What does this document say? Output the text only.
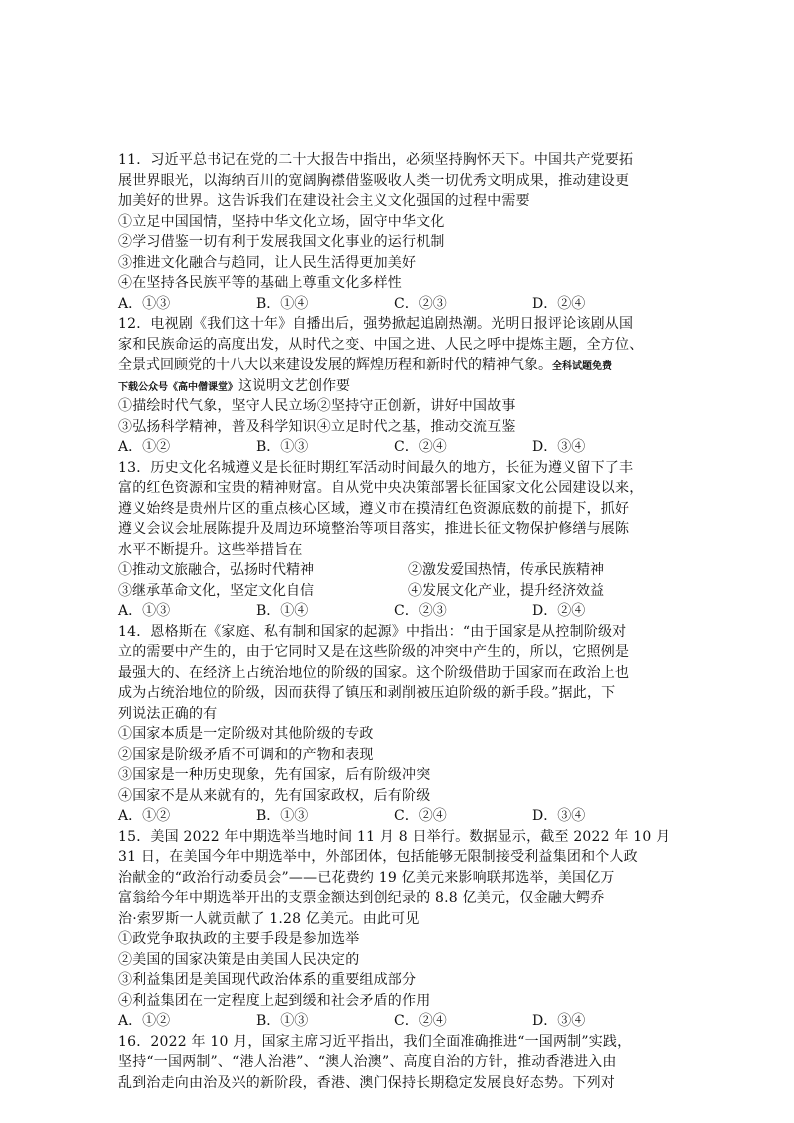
11．习近平总书记在党的二十大报告中指出，必须坚持胸怀天下。中国共产党要拓
展世界眼光，以海纳百川的宽阔胸襟借鉴吸收人类一切优秀文明成果，推动建设更
加美好的世界。这告诉我们在建设社会主义文化强国的过程中需要
①立足中国国情，坚持中华文化立场，固守中华文化
②学习借鉴一切有利于发展我国文化事业的运行机制
③推进文化融合与趋同，让人民生活得更加美好
④在坚持各民族平等的基础上尊重文化多样性
A．①③	B．①④	C．②③	D．②④
12．电视剧《我们这十年》自播出后，强势掀起追剧热潮。光明日报评论该剧从国
家和民族命运的高度出发，从时代之变、中国之进、人民之呼中提炼主题，全方位、
全景式回顾党的十八大以来建设发展的辉煌历程和新时代的精神气象。全科试题免费
下载公众号《高中僧课堂》这说明文艺创作要
①描绘时代气象，坚守人民立场②坚持守正创新，讲好中国故事
③弘扬科学精神，普及科学知识④立足时代之基，推动交流互鉴
A．①②	B．①③	C．②④	D．③④
13．历史文化名城遵义是长征时期红军活动时间最久的地方，长征为遵义留下了丰
富的红色资源和宝贵的精神财富。自从党中央决策部署长征国家文化公园建设以来，
遵义始终是贵州片区的重点核心区域，遵义市在摸清红色资源底数的前提下，抓好
遵义会议会址展陈提升及周边环境整治等项目落实，推进长征文物保护修缮与展陈
水平不断提升。这些举措旨在
①推动文旅融合，弘扬时代精神	②激发爱国热情，传承民族精神
③继承革命文化，坚定文化自信	④发展文化产业，提升经济效益
A．①③	B．①④	C．②③	D．②④
14．恩格斯在《家庭、私有制和国家的起源》中指出：“由于国家是从控制阶级对
立的需要中产生的，由于它同时又是在这些阶级的冲突中产生的，所以，它照例是
最强大的、在经济上占统治地位的阶级的国家。这个阶级借助于国家而在政治上也
成为占统治地位的阶级，因而获得了镇压和剥削被压迫阶级的新手段。”据此，下
列说法正确的有
①国家本质是一定阶级对其他阶级的专政
②国家是阶级矛盾不可调和的产物和表现
③国家是一种历史现象，先有国家，后有阶级冲突
④国家不是从来就有的，先有国家政权，后有阶级
A．①②	B．①③	C．②④	D．③④
15．美国 2022 年中期选举当地时间 11 月 8 日举行。数据显示，截至 2022 年 10 月
31 日，在美国今年中期选举中，外部团体，包括能够无限制接受利益集团和个人政
治献金的“政治行动委员会”——已花费约 19 亿美元来影响联邦选举，美国亿万
富翁给今年中期选举开出的支票金额达到创纪录的 8.8 亿美元，仅金融大鳄乔
治·索罗斯一人就贡献了 1.28 亿美元。由此可见
①政党争取执政的主要手段是参加选举
②美国的国家决策是由美国人民决定的
③利益集团是美国现代政治体系的重要组成部分
④利益集团在一定程度上起到缓和社会矛盾的作用
A．①②	B．①③	C．②④	D．③④
16．2022 年 10 月，国家主席习近平指出，我们全面准确推进“一国两制”实践，
坚持“一国两制”、“港人治港”、“澳人治澳”、高度自治的方针，推动香港进入由
乱到治走向由治及兴的新阶段，香港、澳门保持长期稳定发展良好态势。下列对
